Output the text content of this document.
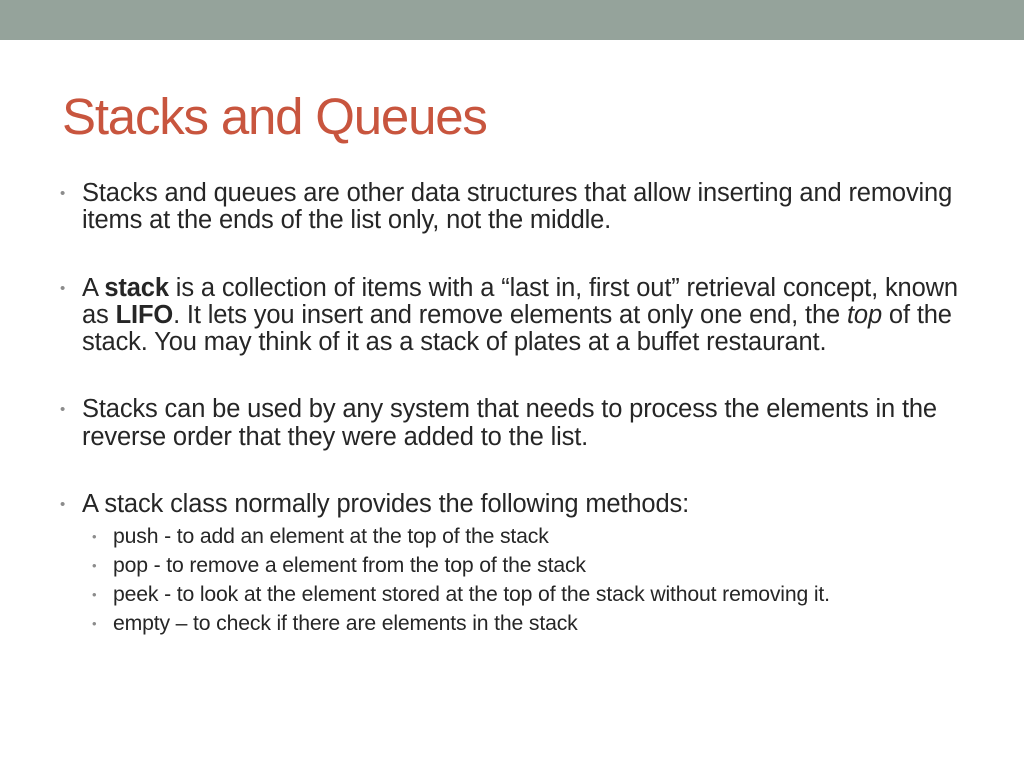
Stacks and Queues
• Stacks and queues are other data structures that allow inserting and removing items at the ends of the list only, not the middle.
• A stack is a collection of items with a “last in, first out” retrieval concept, known as LIFO. It lets you insert and remove elements at only one end, the top of the stack. You may think of it as a stack of plates at a buffet restaurant.
• Stacks can be used by any system that needs to process the elements in the reverse order that they were added to the list.
• A stack class normally provides the following methods:
• push - to add an element at the top of the stack
• pop - to remove a element from the top of the stack
• peek - to look at the element stored at the top of the stack without removing it.
• empty – to check if there are elements in the stack
